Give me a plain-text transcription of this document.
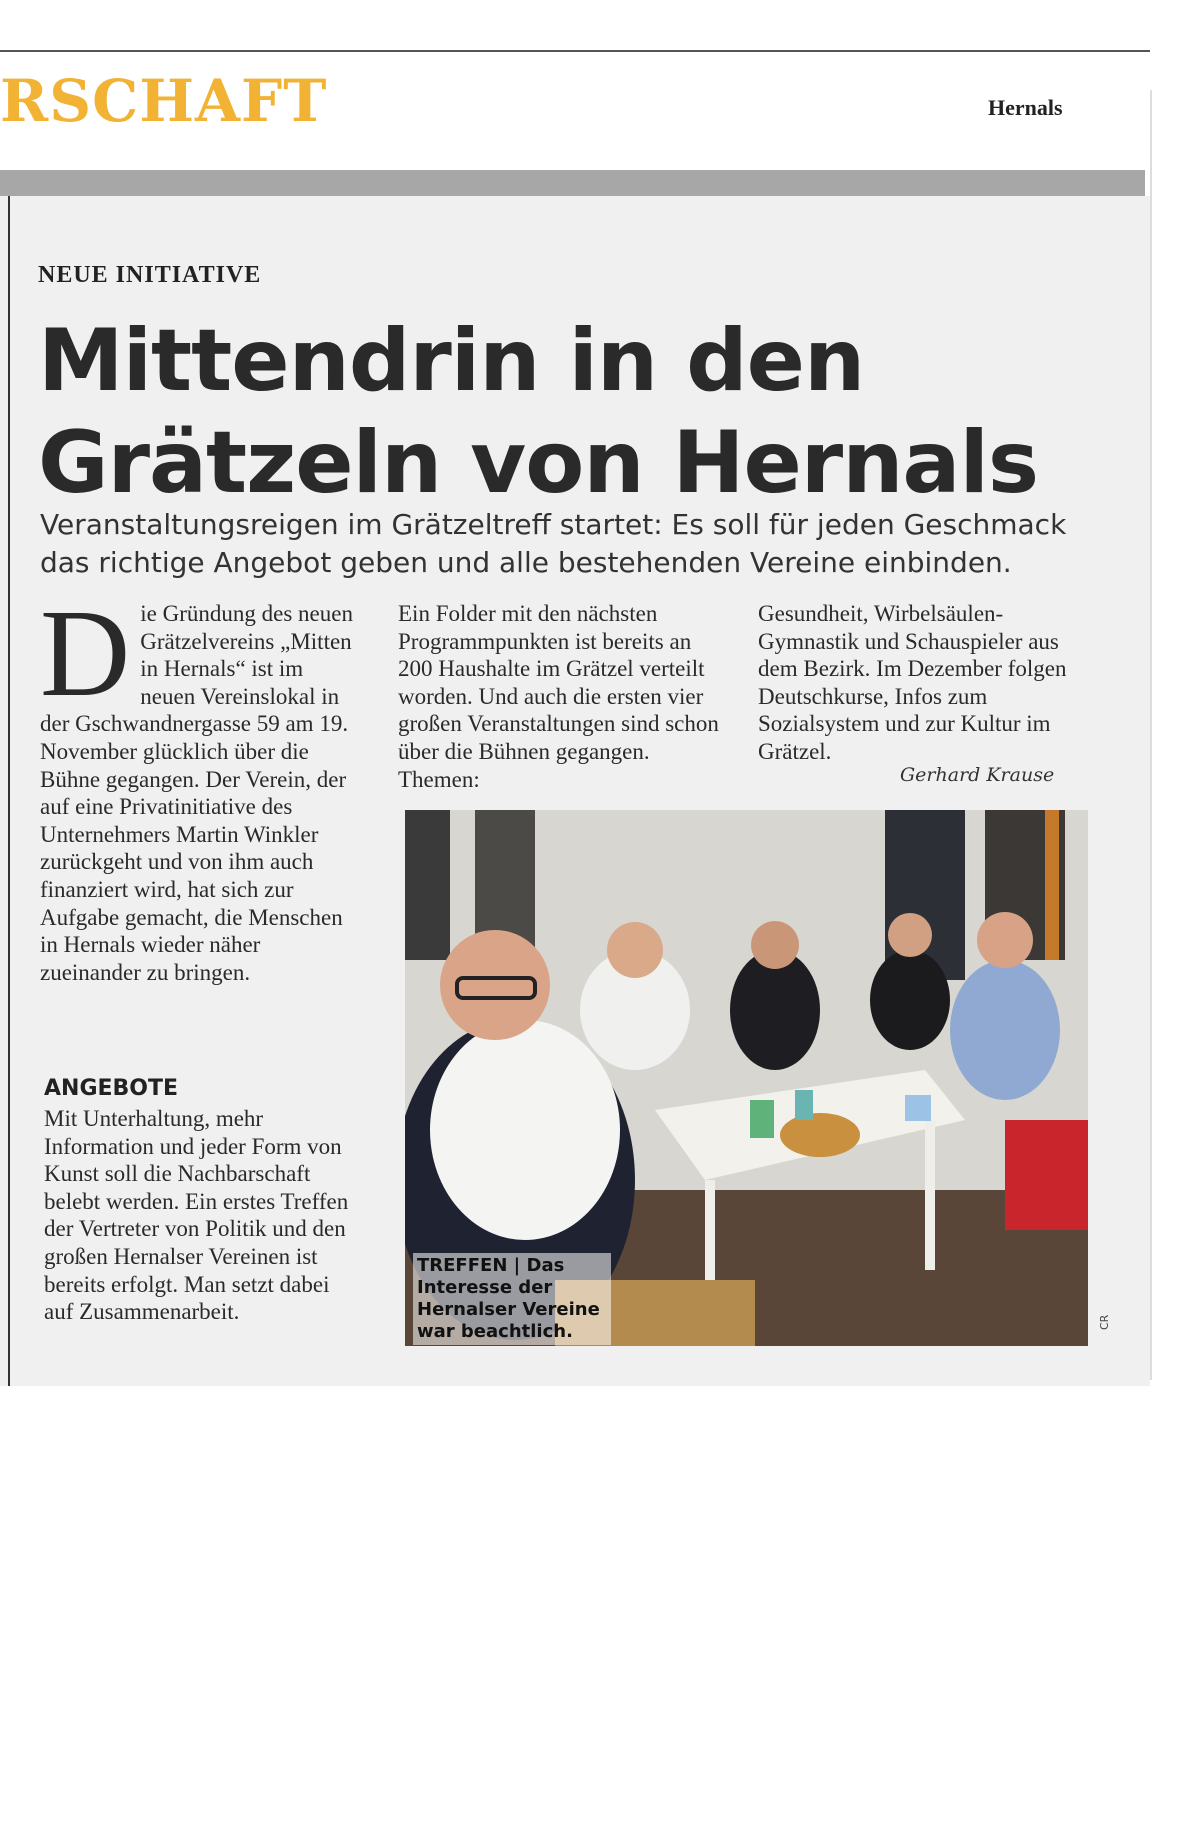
RSCHAFT	Hernals
NEUE INITIATIVE
Mittendrin in den
Grätzeln von Hernals

Veranstaltungsreigen im Grätzeltreff startet: Es soll für jeden Geschmack das richtige Angebot geben und alle bestehenden Vereine einbinden.

Die Gründung des neuen Grätzelvereins „Mitten in Hernals“ ist im neuen Vereinslokal in der Gschwandnergasse 59 am 19. November glücklich über die Bühne gegangen. Der Verein, der auf eine Privatinitiative des Unternehmers Martin Winkler zurückgeht und von ihm auch finanziert wird, hat sich zur Aufgabe gemacht, die Menschen in Hernals wieder näher zueinander zu bringen.

ANGEBOTE

Mit Unterhaltung, mehr Information und jeder Form von Kunst soll die Nachbarschaft belebt werden. Ein erstes Treffen der Vertreter von Politik und den großen Hernalser Vereinen ist bereits erfolgt. Man setzt dabei auf Zusammenarbeit.

Ein Folder mit den nächsten Programmpunkten ist bereits an 200 Haushalte im Grätzel verteilt worden. Und auch die ersten vier großen Veranstaltungen sind schon über die Bühnen gegangen. Themen:

Gesundheit, Wirbelsäulen-Gymnastik und Schauspieler aus dem Bezirk. Im Dezember folgen Deutschkurse, Infos zum Sozialsystem und zur Kultur im Grätzel.

Gerhard Krause
TREFFEN | Das Interesse der Hernalser Vereine war beachtlich.	CR
